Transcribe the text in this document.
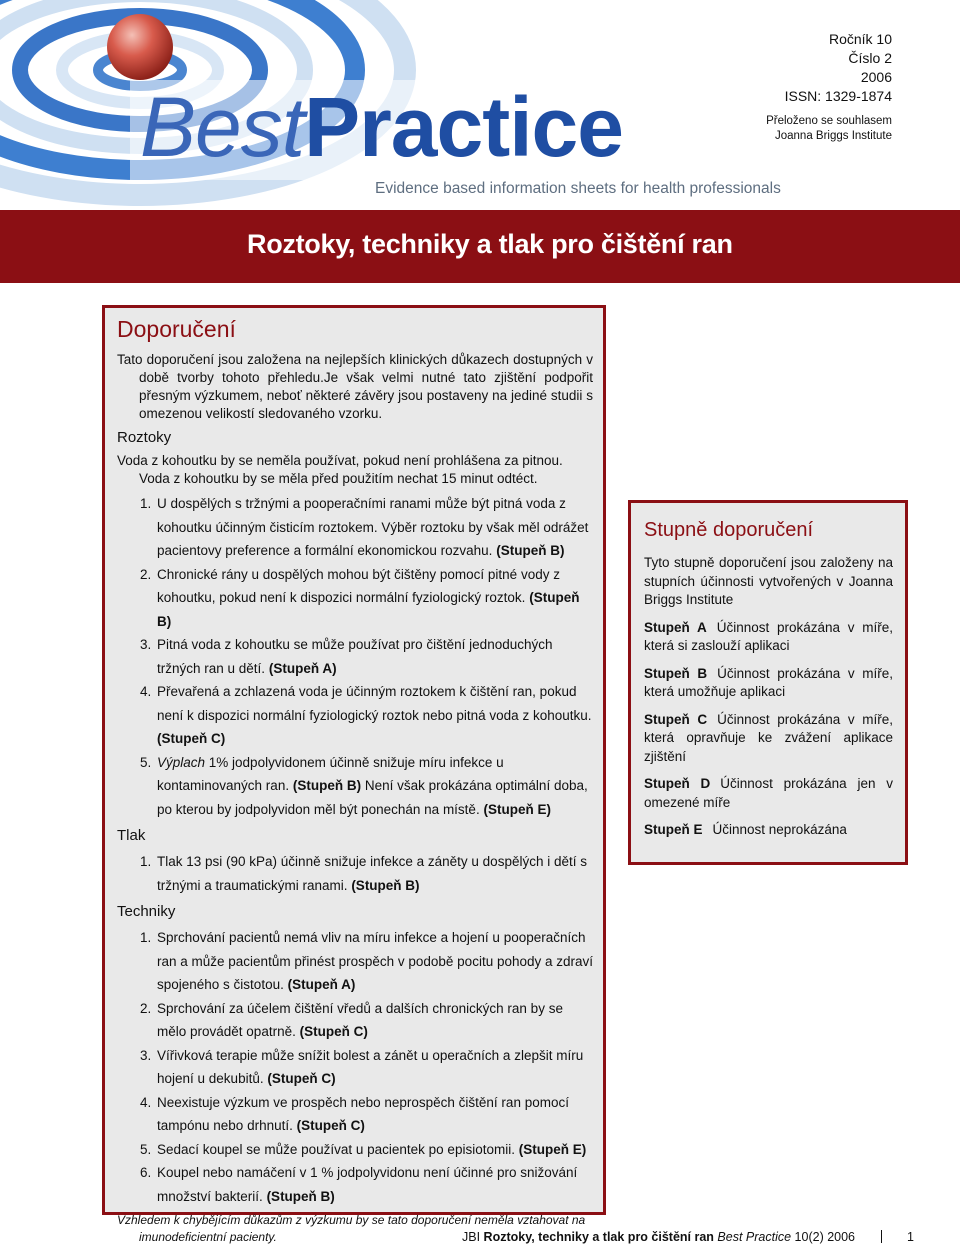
BestPractice
Evidence based information sheets for health professionals
Ročník 10
Číslo 2
2006
ISSN: 1329-1874
Přeloženo se souhlasem
Joanna Briggs Institute
Roztoky, techniky a tlak pro čištění ran
Doporučení
Tato doporučení jsou založena na nejlepších klinických důkazech dostupných v době tvorby tohoto přehledu.Je však velmi nutné tato zjištění podpořit přesným výzkumem, neboť některé závěry jsou postaveny na jediné studii s omezenou velikostí sledovaného vzorku.
Roztoky
Voda z kohoutku by se neměla používat, pokud není prohlášena za pitnou. Voda z kohoutku by se měla před použitím nechat 15 minut odtéct.
1. U dospělých s tržnými a pooperačními ranami může být pitná voda z kohoutku účinným čisticím roztokem. Výběr roztoku by však měl odrážet pacientovy preference a formální ekonomickou rozvahu. (Stupeň B)
2. Chronické rány u dospělých mohou být čištěny pomocí pitné vody z kohoutku, pokud není k dispozici normální fyziologický roztok. (Stupeň B)
3. Pitná voda z kohoutku se může používat pro čištění jednoduchých tržných ran u dětí. (Stupeň A)
4. Převařená a zchlazená voda je účinným roztokem k čištění ran, pokud není k dispozici normální fyziologický roztok nebo pitná voda z kohoutku. (Stupeň C)
5. Výplach 1% jodpolyvidonem účinně snižuje míru infekce u kontaminovaných ran. (Stupeň B) Není však prokázána optimální doba, po kterou by jodpolyvidon měl být ponechán na místě. (Stupeň E)
Tlak
1. Tlak 13 psi (90 kPa) účinně snižuje infekce a záněty u dospělých i dětí s tržnými a traumatickými ranami. (Stupeň B)
Techniky
1. Sprchování pacientů nemá vliv na míru infekce a hojení u pooperačních ran a může pacientům přinést prospěch v podobě pocitu pohody a zdraví spojeného s čistotou. (Stupeň A)
2. Sprchování za účelem čištění vředů a dalších chronických ran by se mělo provádět opatrně. (Stupeň C)
3. Vířivková terapie může snížit bolest a zánět u operačních a zlepšit míru hojení u dekubitů. (Stupeň C)
4. Neexistuje výzkum ve prospěch nebo neprospěch čištění ran pomocí tampónu nebo drhnutí. (Stupeň C)
5. Sedací koupel se může používat u pacientek po episiotomii. (Stupeň E)
6. Koupel nebo namáčení v 1 % jodpolyvidonu není účinné pro snižování množství bakterií. (Stupeň B)
Vzhledem k chybějícím důkazům z výzkumu by se tato doporučení neměla vztahovat na imunodeficientní pacienty.
Stupně doporučení
Tyto stupně doporučení jsou založeny na stupních účinnosti vytvořených v Joanna Briggs Institute
Stupeň A Účinnost prokázána v míře, která si zaslouží aplikaci
Stupeň B Účinnost prokázána v míře, která umožňuje aplikaci
Stupeň C Účinnost prokázána v míře, která opravňuje ke zvážení aplikace zjištění
Stupeň D Účinnost prokázána jen v omezené míře
Stupeň E Účinnost neprokázána
JBI Roztoky, techniky a tlak pro čištění ran Best Practice 10(2) 2006	1
